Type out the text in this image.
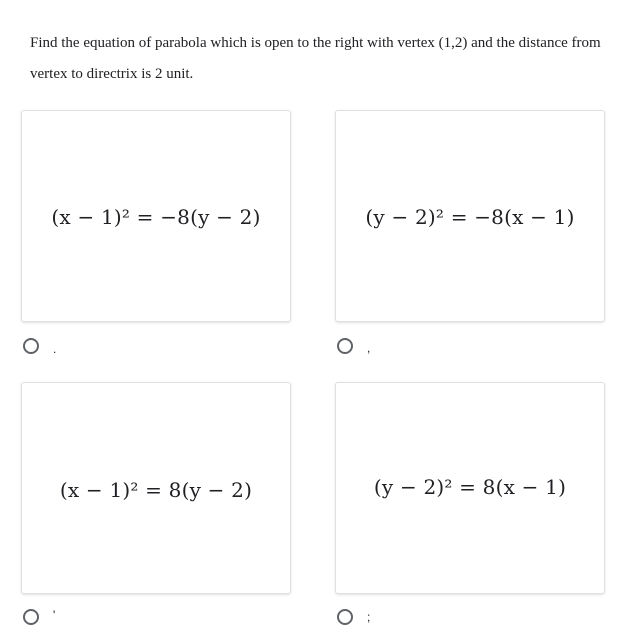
Find the equation of parabola which is open to the right with vertex (1,2) and the distance from vertex to directrix is 2 unit.
(x − 1)² = −8(y − 2)
.
(y − 2)² = −8(x − 1)
,
(x − 1)² = 8(y − 2)
'
(y − 2)² = 8(x − 1)
;
